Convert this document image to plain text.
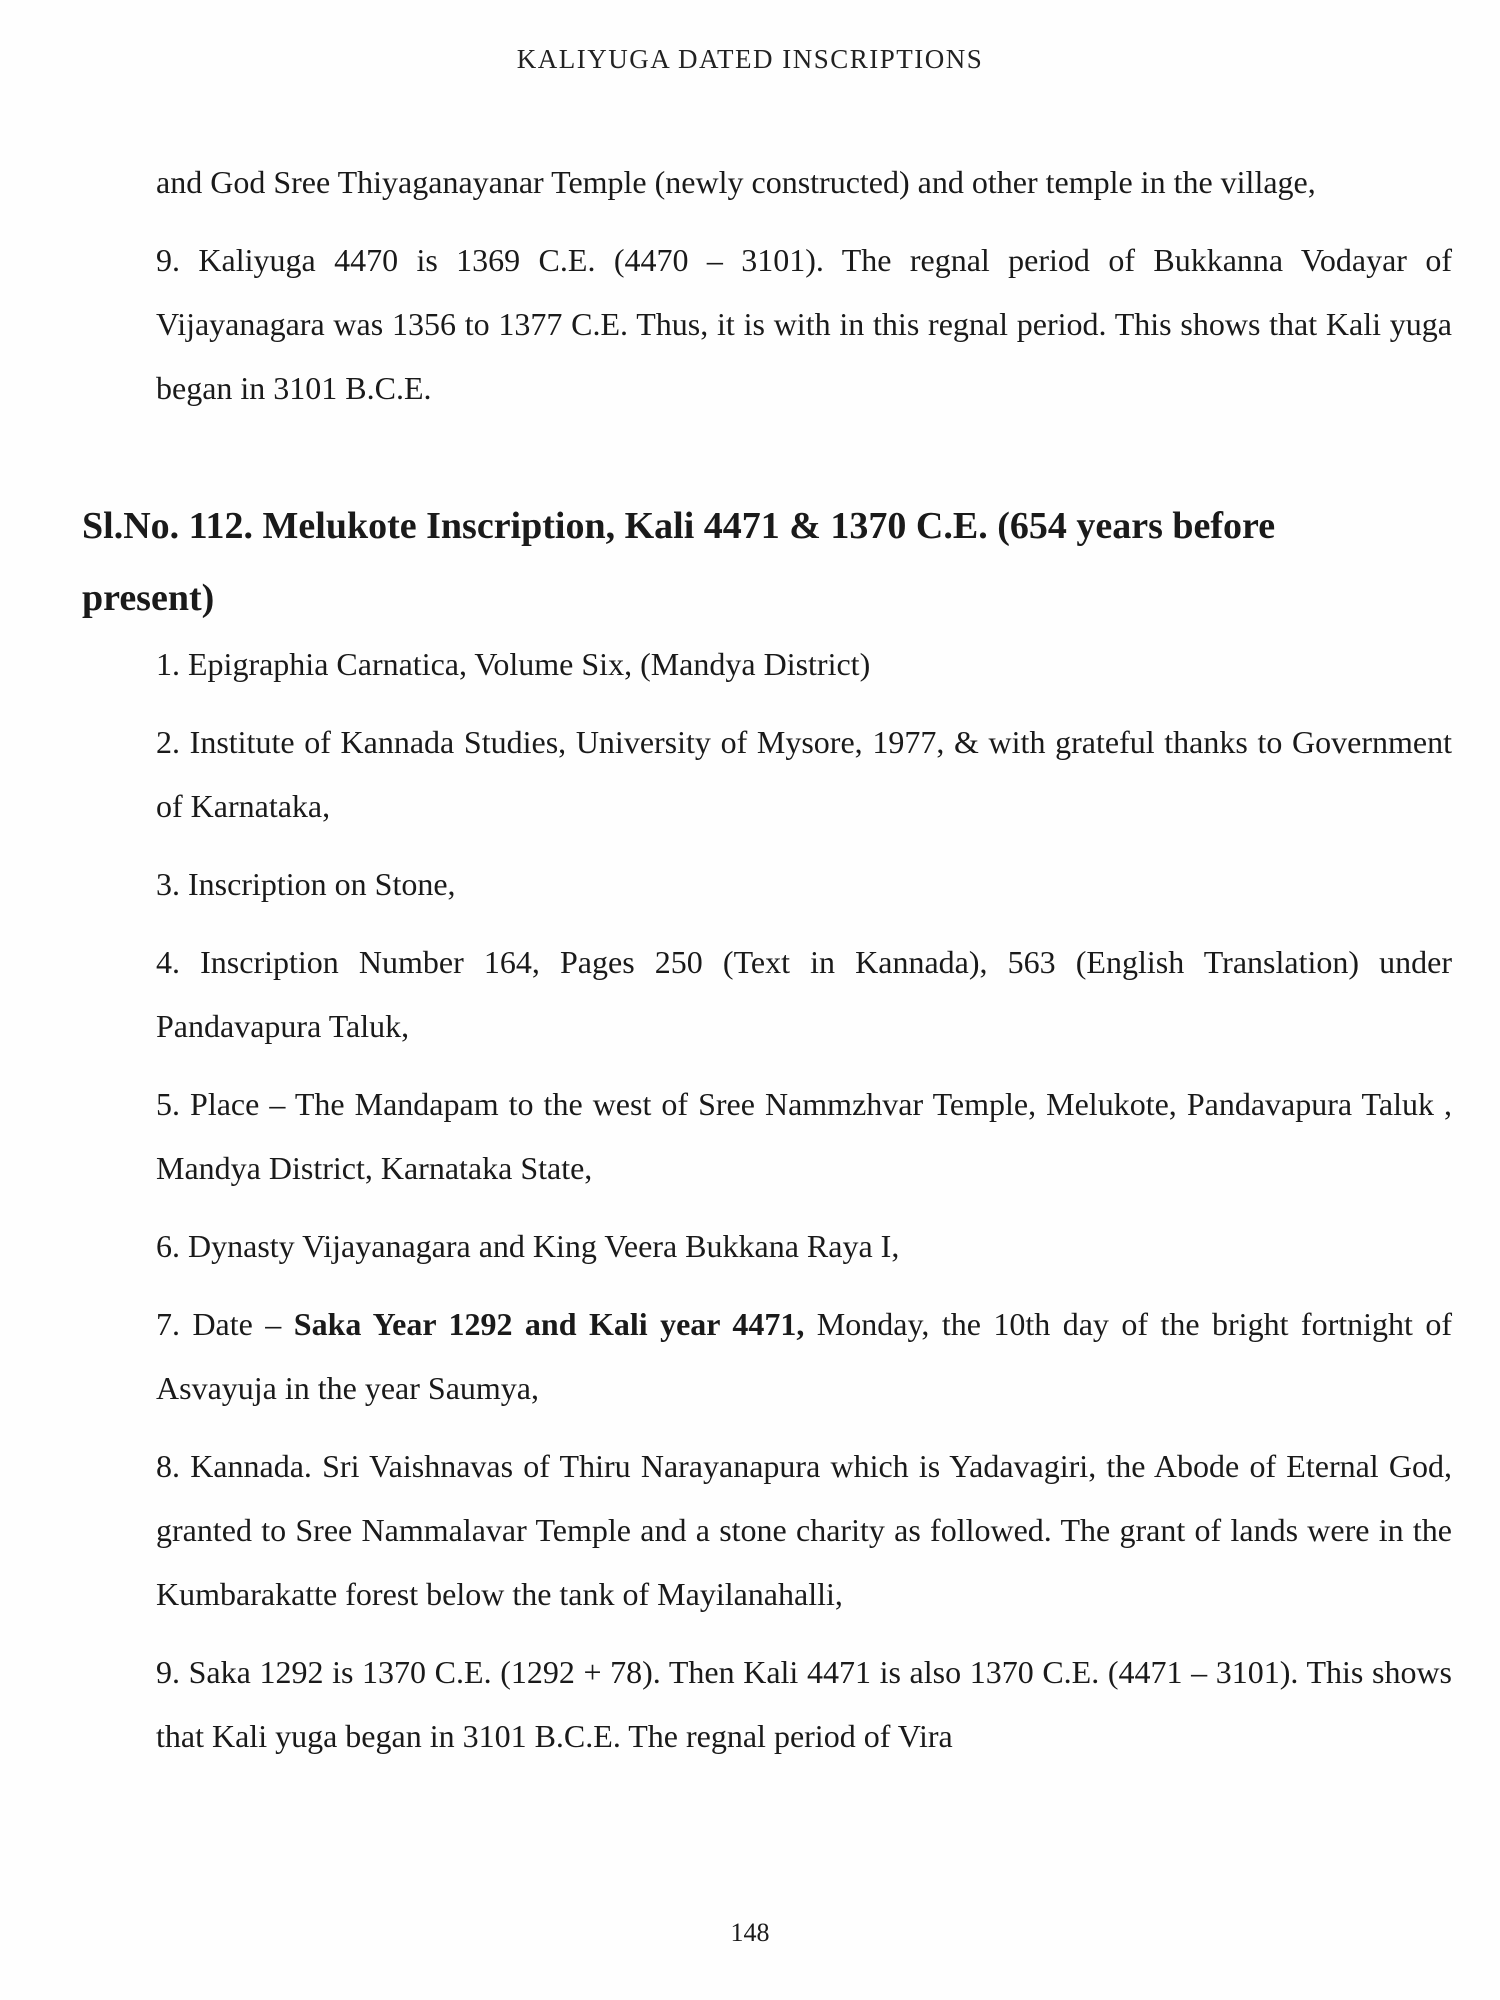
KALIYUGA DATED INSCRIPTIONS

and God Sree Thiyaganayanar Temple (newly constructed) and other temple in the village,

9. Kaliyuga 4470 is 1369 C.E. (4470 – 3101). The regnal period of Bukkanna Vodayar of Vijayanagara was 1356 to 1377 C.E. Thus, it is with in this regnal period. This shows that Kali yuga began in 3101 B.C.E.

Sl.No. 112. Melukote Inscription, Kali 4471 & 1370 C.E. (654 years before present)

1. Epigraphia Carnatica, Volume Six, (Mandya District)

2. Institute of Kannada Studies, University of Mysore, 1977, & with grateful thanks to Government of Karnataka,

3. Inscription on Stone,

4. Inscription Number 164, Pages 250 (Text in Kannada), 563 (English Translation) under Pandavapura Taluk,

5. Place – The Mandapam to the west of Sree Nammzhvar Temple, Melukote, Pandavapura Taluk , Mandya District, Karnataka State,

6. Dynasty Vijayanagara and King Veera Bukkana Raya I,

7. Date – Saka Year 1292 and Kali year 4471, Monday, the 10th day of the bright fortnight of Asvayuja in the year Saumya,

8. Kannada. Sri Vaishnavas of Thiru Narayanapura which is Yadavagiri, the Abode of Eternal God, granted to Sree Nammalavar Temple and a stone charity as followed. The grant of lands were in the Kumbarakatte forest below the tank of Mayilanahalli,

9. Saka 1292 is 1370 C.E. (1292 + 78). Then Kali 4471 is also 1370 C.E. (4471 – 3101). This shows that Kali yuga began in 3101 B.C.E. The regnal period of Vira

148
